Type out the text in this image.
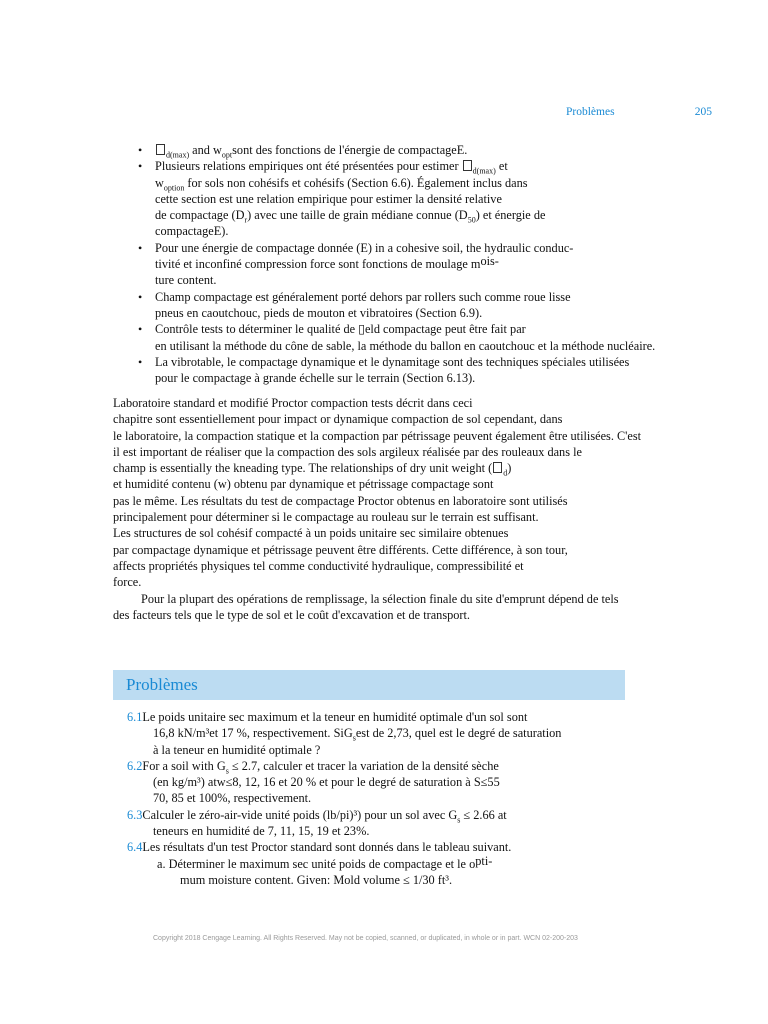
Problèmes	205
• $_{d(max)}$ and $w_{opt}sont$ des fonctions de l'énergie de compactageE.
• Plusieurs relations empiriques ont été présentées pour estimer $_{d(max)}$ et
$w_{option}$ for sols non cohésifs et cohésifs (Section 6.6). Également inclus dans
cette section est une relation empirique pour estimer la densité relative
de compactage $(D_r)$ avec une taille de grain médiane connue $(D_{50})$ et énergie de
compactageE).
• Pour une énergie de compactage donnée (E) in a cohesive soil, the hydraulic conduc-
tivité et inconfiné compression force sont fonctions de moulage mois-
ture content.
• Champ compactage est généralement porté dehors par rollers such comme roue lisse
pneus en caoutchouc, pieds de mouton et vibratoires (Section 6.9).
• Contrôle tests to déterminer le qualité de ▯eld compactage peut être fait par
en utilisant la méthode du cône de sable, la méthode du ballon en caoutchouc et la méthode nucléaire.
• La vibrotable, le compactage dynamique et le dynamitage sont des techniques spéciales utilisées
pour le compactage à grande échelle sur le terrain (Section 6.13).
Laboratoire standard et modifié Proctor compaction tests décrit dans ceci
chapitre sont essentiellement pour impact or dynamique compaction de sol cependant, dans
le laboratoire, la compaction statique et la compaction par pétrissage peuvent également être utilisées. C'est
il est important de réaliser que la compaction des sols argileux réalisée par des rouleaux dans le
champ is essentially the kneading type. The relationships of dry unit weight ( $_d$)
et humidité contenu (w) obtenu par dynamique et pétrissage compactage sont
pas le même. Les résultats du test de compactage Proctor obtenus en laboratoire sont utilisés
principalement pour déterminer si le compactage au rouleau sur le terrain est suffisant.
Les structures de sol cohésif compacté à un poids unitaire sec similaire obtenues
par compactage dynamique et pétrissage peuvent être différents. Cette différence, à son tour,
affects propriétés physiques tel comme conductivité hydraulique, compressibilité et
force.
Pour la plupart des opérations de remplissage, la sélection finale du site d'emprunt dépend de tels
des facteurs tels que le type de sol et le coût d'excavation et de transport.
Problèmes
6.1Le poids unitaire sec maximum et la teneur en humidité optimale d'un sol sont
16,8 kN/m³et 17 %, respectivement. SiG$_s$est de 2,73, quel est le degré de saturation
à la teneur en humidité optimale ?
6.2For a soil with $G_s \le 2.7$, calculer et tracer la variation de la densité sèche
(en kg/m³) atw≤8, 12, 16 et 20 % et pour le degré de saturation à S≤55
70, 85 et 100%, respectivement.
6.3Calculer le zéro-air-vide unité poids (lb/pi)³) pour un sol avec $G_s \le 2.66$ at
teneurs en humidité de 7, 11, 15, 19 et 23%.
6.4Les résultats d'un test Proctor standard sont donnés dans le tableau suivant.
a. Déterminer le maximum sec unité poids de compactage et le opti-
mum moisture content. Given: Mold volume ≤ 1/30 ft³.
Copyright 2018 Cengage Learning. All Rights Reserved. May not be copied, scanned, or duplicated, in whole or in part. WCN 02-200-203
